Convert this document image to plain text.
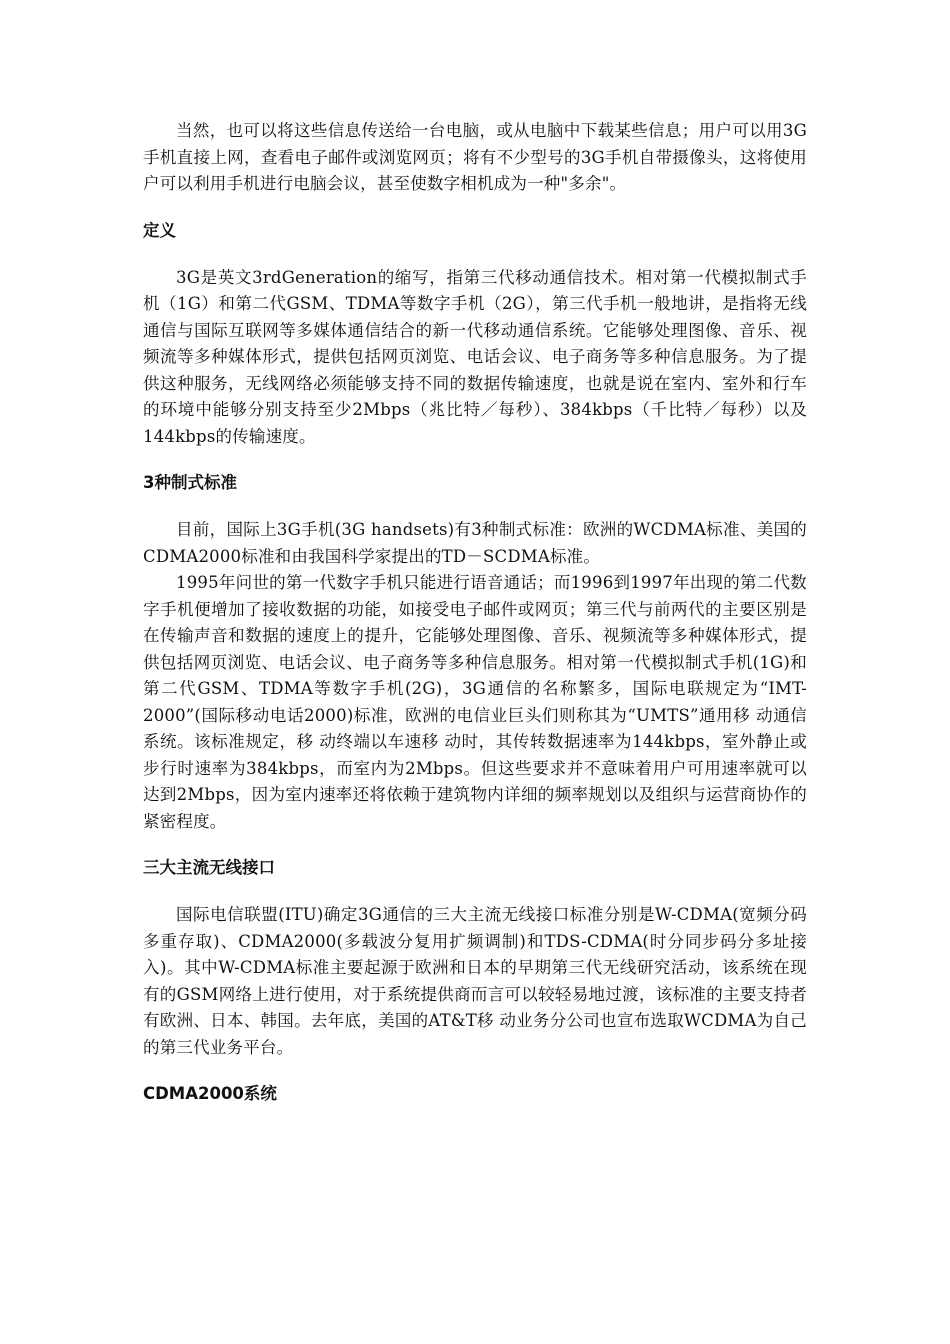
当然，也可以将这些信息传送给一台电脑，或从电脑中下载某些信息；用户可以用3G手机直接上网，查看电子邮件或浏览网页；将有不少型号的3G手机自带摄像头，这将使用户可以利用手机进行电脑会议，甚至使数字相机成为一种"多余"。

定义

3G是英文3rdGeneration的缩写，指第三代移动通信技术。相对第一代模拟制式手机（1G）和第二代GSM、TDMA等数字手机（2G），第三代手机一般地讲，是指将无线通信与国际互联网等多媒体通信结合的新一代移动通信系统。它能够处理图像、音乐、视频流等多种媒体形式，提供包括网页浏览、电话会议、电子商务等多种信息服务。为了提供这种服务，无线网络必须能够支持不同的数据传输速度，也就是说在室内、室外和行车的环境中能够分别支持至少2Mbps（兆比特／每秒）、384kbps（千比特／每秒）以及144kbps的传输速度。

3种制式标准

目前，国际上3G手机(3G handsets)有3种制式标准：欧洲的WCDMA标准、美国的CDMA2000标准和由我国科学家提出的TD－SCDMA标准。

1995年问世的第一代数字手机只能进行语音通话；而1996到1997年出现的第二代数字手机便增加了接收数据的功能，如接受电子邮件或网页；第三代与前两代的主要区别是在传输声音和数据的速度上的提升，它能够处理图像、音乐、视频流等多种媒体形式，提供包括网页浏览、电话会议、电子商务等多种信息服务。相对第一代模拟制式手机(1G)和第二代GSM、TDMA等数字手机(2G)，3G通信的名称繁多，国际电联规定为“IMT-2000”(国际移动电话2000)标准，欧洲的电信业巨头们则称其为“UMTS”通用移 动通信系统。该标准规定，移 动终端以车速移 动时，其传转数据速率为144kbps，室外静止或步行时速率为384kbps，而室内为2Mbps。但这些要求并不意味着用户可用速率就可以达到2Mbps，因为室内速率还将依赖于建筑物内详细的频率规划以及组织与运营商协作的紧密程度。

三大主流无线接口

国际电信联盟(ITU)确定3G通信的三大主流无线接口标准分别是W-CDMA(宽频分码多重存取)、CDMA2000(多载波分复用扩频调制)和TDS-CDMA(时分同步码分多址接入)。其中W-CDMA标准主要起源于欧洲和日本的早期第三代无线研究活动，该系统在现有的GSM网络上进行使用，对于系统提供商而言可以较轻易地过渡，该标准的主要支持者有欧洲、日本、韩国。去年底，美国的AT&T移 动业务分公司也宣布选取WCDMA为自己的第三代业务平台。

CDMA2000系统
